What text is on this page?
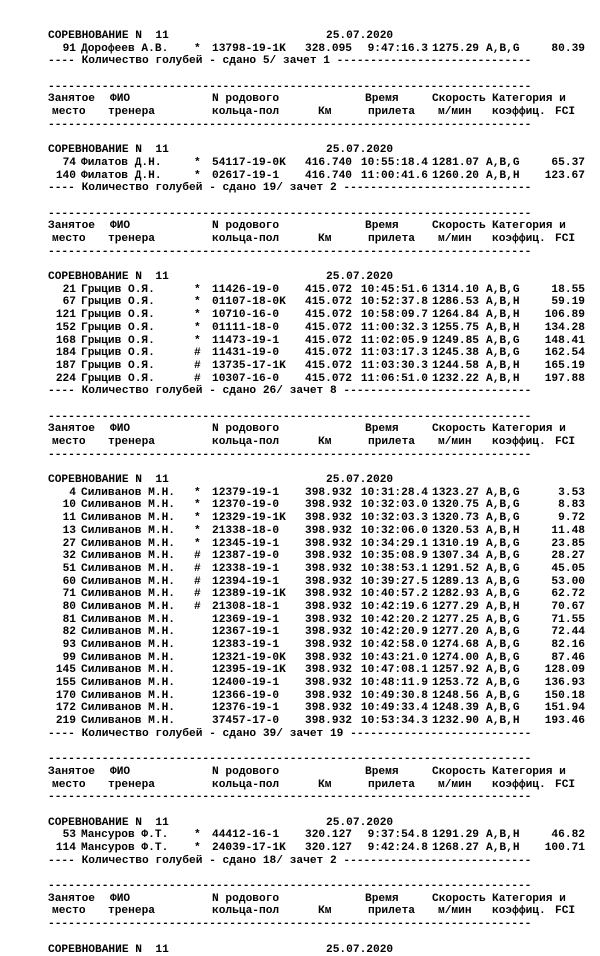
СОРЕВНОВАНИЕ N  11	25.07.2020
91 Дорофеев А.В. * 13798-19-1K 328.095 9:47:16.3 1275.29 A,B,G	80.39
---- Количество голубей - сдано 5/ зачет 1 -----------------------------
------------------------------------------------------------------------
Занятое ФИО	N родового	Время	Скорость Категория и
место тренера	кольца-пол	Км	прилета м/мин коэффиц. FCI
------------------------------------------------------------------------
СОРЕВНОВАНИЕ N  11	25.07.2020
74 Филатов Д.Н.	* 54117-19-0K 416.740 10:55:18.4 1281.07 A,B,G	65.37
140 Филатов Д.Н.	* 02617-19-1 416.740 11:00:41.6 1260.20 A,B,H 123.67
---- Количество голубей - сдано 19/ зачет 2 ----------------------------
------------------------------------------------------------------------
Занятое ФИО	N родового	Время	Скорость Категория и
место тренера	кольца-пол	Км	прилета м/мин коэффиц. FCI
------------------------------------------------------------------------
СОРЕВНОВАНИЕ N  11	25.07.2020
21 Грыцив О.Я.	* 11426-19-0 415.072 10:45:51.6 1314.10 A,B,G	18.55
67 Грыцив О.Я.	* 01107-18-0K 415.072 10:52:37.8 1286.53 A,B,H	59.19
121 Грыцив О.Я.	* 10710-16-0 415.072 10:58:09.7 1264.84 A,B,H 106.89
152 Грыцив О.Я.	* 01111-18-0 415.072 11:00:32.3 1255.75 A,B,H 134.28
168 Грыцив О.Я.	* 11473-19-1 415.072 11:02:05.9 1249.85 A,B,G 148.41
184 Грыцив О.Я.	# 11431-19-0 415.072 11:03:17.3 1245.38 A,B,G 162.54
187 Грыцив О.Я.	# 13735-17-1K 415.072 11:03:30.3 1244.58 A,B,H 165.19
224 Грыцив О.Я.	# 10307-16-0 415.072 11:06:51.0 1232.22 A,B,H 197.88
---- Количество голубей - сдано 26/ зачет 8 ----------------------------
------------------------------------------------------------------------
Занятое ФИО	N родового	Время	Скорость Категория и
место тренера	кольца-пол	Км	прилета м/мин коэффиц. FCI
------------------------------------------------------------------------
СОРЕВНОВАНИЕ N  11	25.07.2020
4 Силиванов М.Н. * 12379-19-1 398.932 10:31:28.4 1323.27 A,B,G	3.53
10 Силиванов М.Н. * 12370-19-0 398.932 10:32:03.0 1320.75 A,B,G	8.83
11 Силиванов М.Н. * 12329-19-1K 398.932 10:32:03.3 1320.73 A,B,G	9.72
13 Силиванов М.Н. * 21338-18-0 398.932 10:32:06.0 1320.53 A,B,H	11.48
27 Силиванов М.Н. * 12345-19-1 398.932 10:34:29.1 1310.19 A,B,G	23.85
32 Силиванов М.Н. # 12387-19-0 398.932 10:35:08.9 1307.34 A,B,G	28.27
51 Силиванов М.Н. # 12338-19-1 398.932 10:38:53.1 1291.52 A,B,G	45.05
60 Силиванов М.Н. # 12394-19-1 398.932 10:39:27.5 1289.13 A,B,G	53.00
71 Силиванов М.Н. # 12389-19-1K 398.932 10:40:57.2 1282.93 A,B,G	62.72
80 Силиванов М.Н. # 21308-18-1 398.932 10:42:19.6 1277.29 A,B,H	70.67
81 Силиванов М.Н.	12369-19-1 398.932 10:42:20.2 1277.25 A,B,G	71.55
82 Силиванов М.Н.	12367-19-1 398.932 10:42:20.9 1277.20 A,B,G	72.44
93 Силиванов М.Н.	12383-19-1 398.932 10:42:58.0 1274.68 A,B,G	82.16
99 Силиванов М.Н.	12321-19-0K 398.932 10:43:21.0 1274.00 A,B,G	87.46
145 Силиванов М.Н.	12395-19-1K 398.932 10:47:08.1 1257.92 A,B,G 128.09
155 Силиванов М.Н.	12400-19-1 398.932 10:48:11.9 1253.72 A,B,G 136.93
170 Силиванов М.Н.	12366-19-0 398.932 10:49:30.8 1248.56 A,B,G 150.18
172 Силиванов М.Н.	12376-19-1 398.932 10:49:33.4 1248.39 A,B,G 151.94
219 Силиванов М.Н.	37457-17-0 398.932 10:53:34.3 1232.90 A,B,H 193.46
---- Количество голубей - сдано 39/ зачет 19 ---------------------------
------------------------------------------------------------------------
Занятое ФИО	N родового	Время	Скорость Категория и
место тренера	кольца-пол	Км	прилета м/мин коэффиц. FCI
------------------------------------------------------------------------
СОРЕВНОВАНИЕ N  11	25.07.2020
53 Мансуров Ф.Т. * 44412-16-1 320.127 9:37:54.8 1291.29 A,B,H	46.82
114 Мансуров Ф.Т. * 24039-17-1K 320.127 9:42:24.8 1268.27 A,B,H 100.71
---- Количество голубей - сдано 18/ зачет 2 ----------------------------
------------------------------------------------------------------------
Занятое ФИО	N родового	Время	Скорость Категория и
место тренера	кольца-пол	Км	прилета м/мин коэффиц. FCI
------------------------------------------------------------------------
СОРЕВНОВАНИЕ N  11	25.07.2020
